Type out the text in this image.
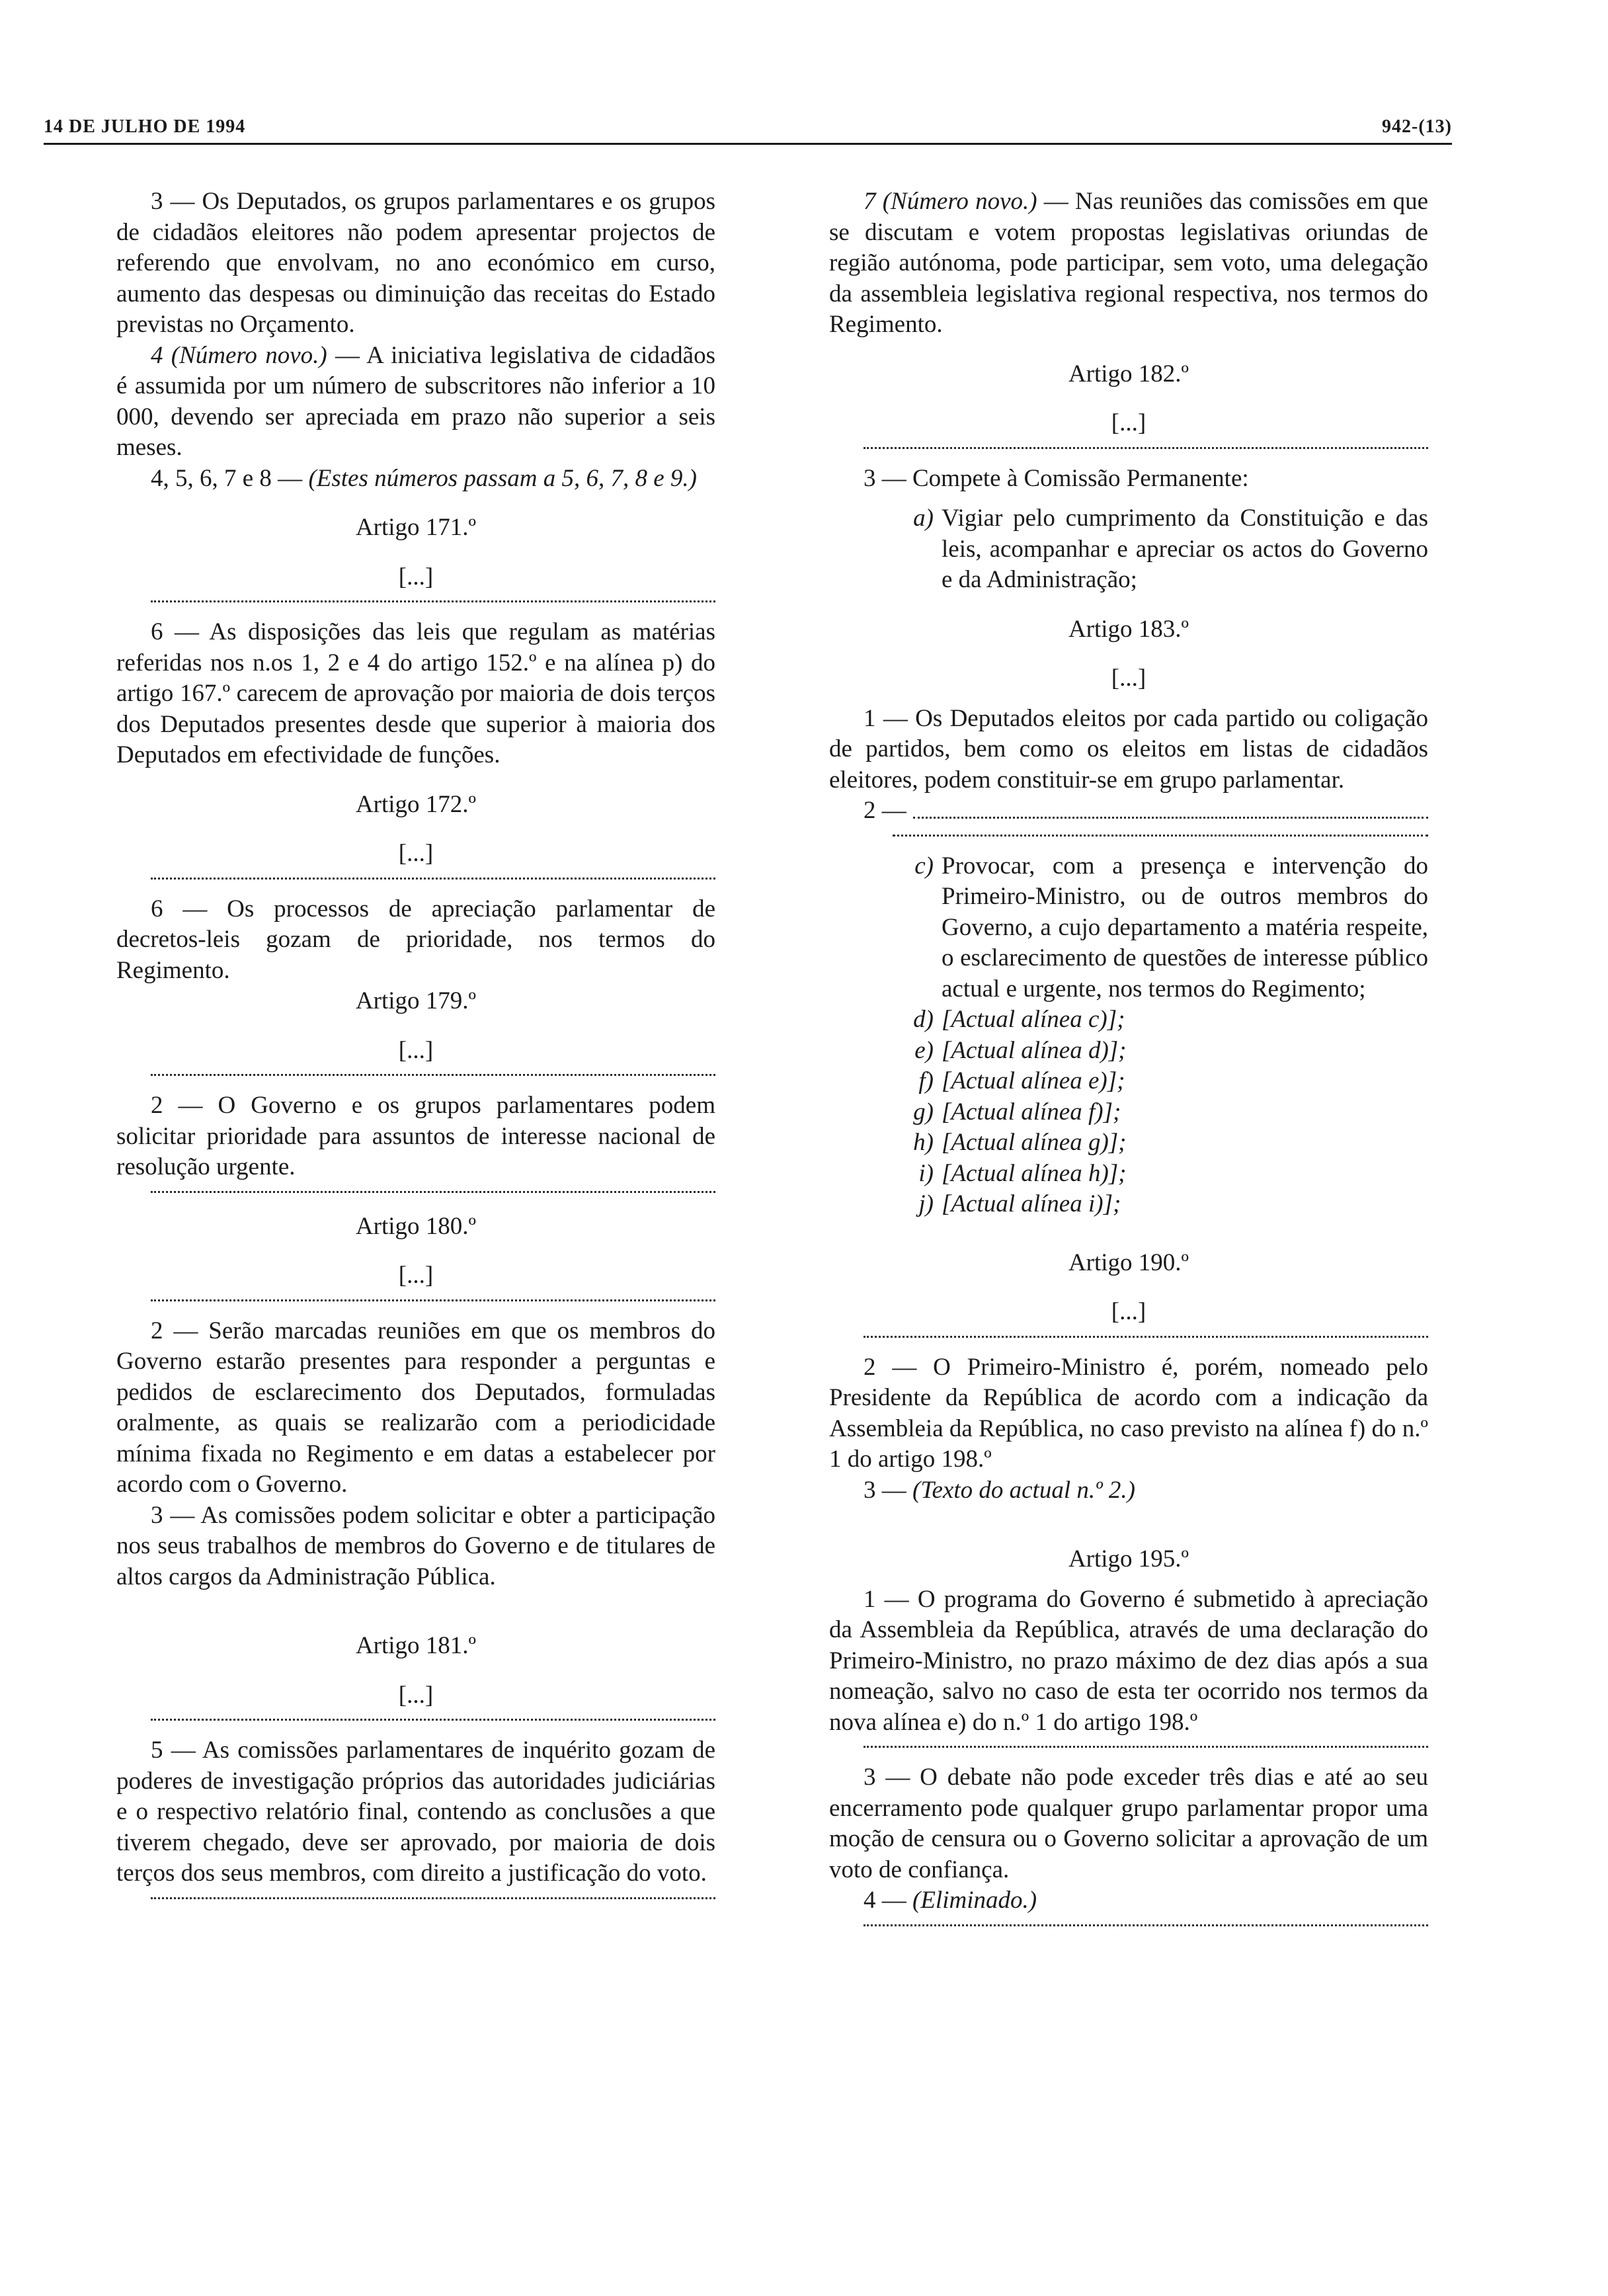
14 DE JULHO DE 1994	942-(13)

3 — Os Deputados, os grupos parlamentares e os grupos de cidadãos eleitores não podem apresentar projectos de referendo que envolvam, no ano económico em curso, aumento das despesas ou diminuição das receitas do Estado previstas no Orçamento.

4 (Número novo.) — A iniciativa legislativa de cidadãos é assumida por um número de subscritores não inferior a 10 000, devendo ser apreciada em prazo não superior a seis meses.

4, 5, 6, 7 e 8 — (Estes números passam a 5, 6, 7, 8 e 9.)

Artigo 171.º

[...]

6 — As disposições das leis que regulam as matérias referidas nos n.os 1, 2 e 4 do artigo 152.º e na alínea p) do artigo 167.º carecem de aprovação por maioria de dois terços dos Deputados presentes desde que superior à maioria dos Deputados em efectividade de funções.

Artigo 172.º

[...]

6 — Os processos de apreciação parlamentar de decretos-leis gozam de prioridade, nos termos do Regimento.

Artigo 179.º

[...]

2 — O Governo e os grupos parlamentares podem solicitar prioridade para assuntos de interesse nacional de resolução urgente.

Artigo 180.º

[...]

2 — Serão marcadas reuniões em que os membros do Governo estarão presentes para responder a perguntas e pedidos de esclarecimento dos Deputados, formuladas oralmente, as quais se realizarão com a periodicidade mínima fixada no Regimento e em datas a estabelecer por acordo com o Governo.

3 — As comissões podem solicitar e obter a participação nos seus trabalhos de membros do Governo e de titulares de altos cargos da Administração Pública.

Artigo 181.º

[...]

5 — As comissões parlamentares de inquérito gozam de poderes de investigação próprios das autoridades judiciárias e o respectivo relatório final, contendo as conclusões a que tiverem chegado, deve ser aprovado, por maioria de dois terços dos seus membros, com direito a justificação do voto.

7 (Número novo.) — Nas reuniões das comissões em que se discutam e votem propostas legislativas oriundas de região autónoma, pode participar, sem voto, uma delegação da assembleia legislativa regional respectiva, nos termos do Regimento.

Artigo 182.º

[...]

3 — Compete à Comissão Permanente:

a) Vigiar pelo cumprimento da Constituição e das leis, acompanhar e apreciar os actos do Governo e da Administração;

Artigo 183.º

[...]

1 — Os Deputados eleitos por cada partido ou coligação de partidos, bem como os eleitos em listas de cidadãos eleitores, podem constituir-se em grupo parlamentar.

2 —
c) Provocar, com a presença e intervenção do Primeiro-Ministro, ou de outros membros do Governo, a cujo departamento a matéria respeite, o esclarecimento de questões de interesse público actual e urgente, nos termos do Regimento;
d) [Actual alínea c)];
e) [Actual alínea d)];
f) [Actual alínea e)];
g) [Actual alínea f)];
h) [Actual alínea g)];
i) [Actual alínea h)];
j) [Actual alínea i)];

Artigo 190.º

[...]

2 — O Primeiro-Ministro é, porém, nomeado pelo Presidente da República de acordo com a indicação da Assembleia da República, no caso previsto na alínea f) do n.º 1 do artigo 198.º

3 — (Texto do actual n.º 2.)

Artigo 195.º

1 — O programa do Governo é submetido à apreciação da Assembleia da República, através de uma declaração do Primeiro-Ministro, no prazo máximo de dez dias após a sua nomeação, salvo no caso de esta ter ocorrido nos termos da nova alínea e) do n.º 1 do artigo 198.º

3 — O debate não pode exceder três dias e até ao seu encerramento pode qualquer grupo parlamentar propor uma moção de censura ou o Governo solicitar a aprovação de um voto de confiança.

4 — (Eliminado.)
